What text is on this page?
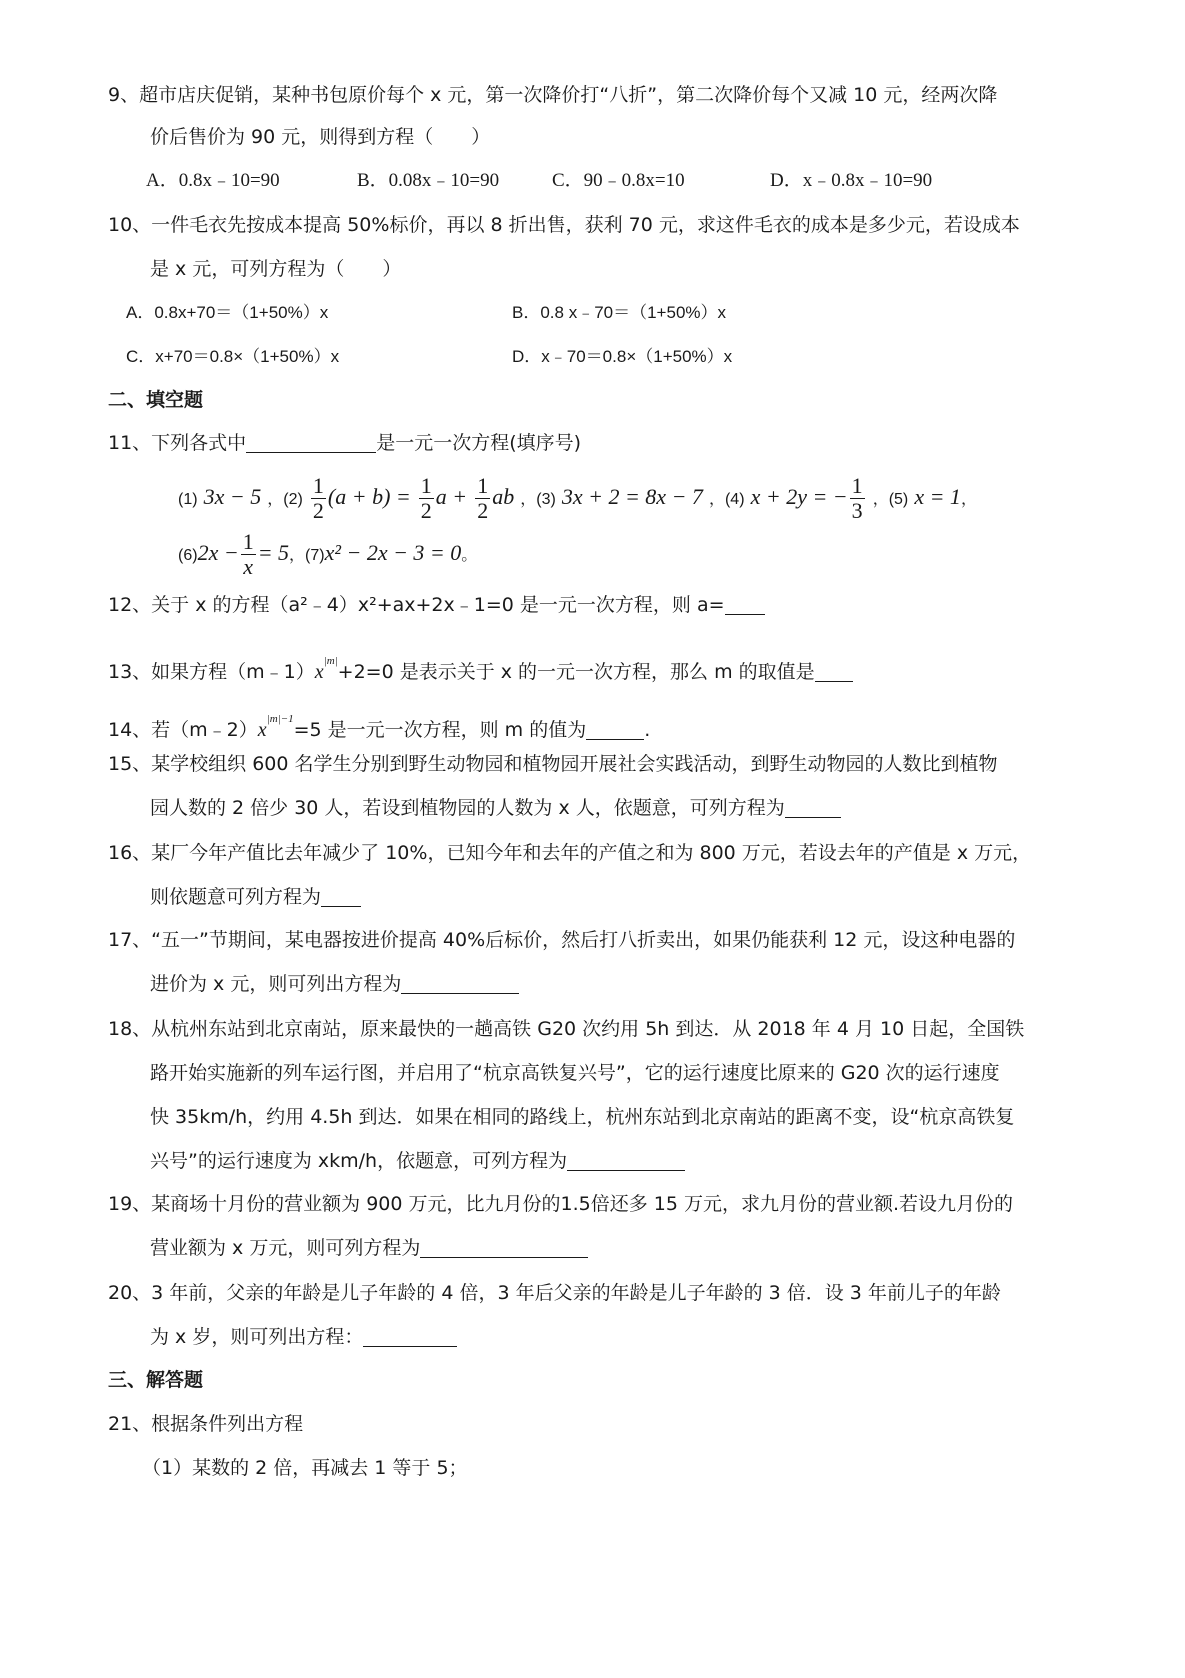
9、超市店庆促销，某种书包原价每个 x 元，第一次降价打“八折”，第二次降价每个又减 10 元，经两次降
价后售价为 90 元，则得到方程（　　）
A．0.8x﹣10=90	B．0.08x﹣10=90	C．90﹣0.8x=10	D．x﹣0.8x﹣10=90
10、一件毛衣先按成本提高 50%标价，再以 8 折出售，获利 70 元，求这件毛衣的成本是多少元，若设成本
是 x 元，可列方程为（　　）
A．0.8x+70＝（1+50%）x	B．0.8 x﹣70＝（1+50%）x
C．x+70＝0.8×（1+50%）x	D．x﹣70＝0.8×（1+50%）x
二、填空题
11、下列各式中	是一元一次方程(填序号)
(1) 3x − 5 ，$(2) \frac{1}{2} (a + b) = \frac{1}{2}$ $a + \frac{1}{2}$ ab ，(3) 3x + 2 = 8x − 7 ，(4) x + 2y = − $\frac{1}{3}$ ，(5) x = 1，
$(6)2x - \frac{1}{x} = 5$，(7)x² − 2x − 3 = 0。
12、关于 x 的方程（a²﹣4）x²+ax+2x﹣1=0 是一元一次方程，则 a=
13、如果方程$(m﹣1)x^{|m|}+2=0$ 是表示关于 x 的一元一次方程，那么 m 的取值是
14、若$(m﹣2)x^{|m|-1}=5$ 是一元一次方程，则 m 的值为	.
15、某学校组织 600 名学生分别到野生动物园和植物园开展社会实践活动，到野生动物园的人数比到植物
园人数的 2 倍少 30 人，若设到植物园的人数为 x 人，依题意，可列方程为
16、某厂今年产值比去年减少了 10%，已知今年和去年的产值之和为 800 万元，若设去年的产值是 x 万元，
则依题意可列方程为
17、“五一”节期间，某电器按进价提高 40%后标价，然后打八折卖出，如果仍能获利 12 元，设这种电器的
进价为 x 元，则可列出方程为
18、从杭州东站到北京南站，原来最快的一趟高铁 G20 次约用 5h 到达．从 2018 年 4 月 10 日起，全国铁
路开始实施新的列车运行图，并启用了“杭京高铁复兴号”，它的运行速度比原来的 G20 次的运行速度
快 35km/h，约用 4.5h 到达．如果在相同的路线上，杭州东站到北京南站的距离不变，设“杭京高铁复
兴号”的运行速度为 xkm/h，依题意，可列方程为
19、某商场十月份的营业额为 900 万元，比九月份的1.5倍还多 15 万元，求九月份的营业额.若设九月份的
营业额为 x 万元，则可列方程为
20、3 年前，父亲的年龄是儿子年龄的 4 倍，3 年后父亲的年龄是儿子年龄的 3 倍．设 3 年前儿子的年龄
为 x 岁，则可列出方程：
三、解答题
21、根据条件列出方程
（1）某数的 2 倍，再减去 1 等于 5；
